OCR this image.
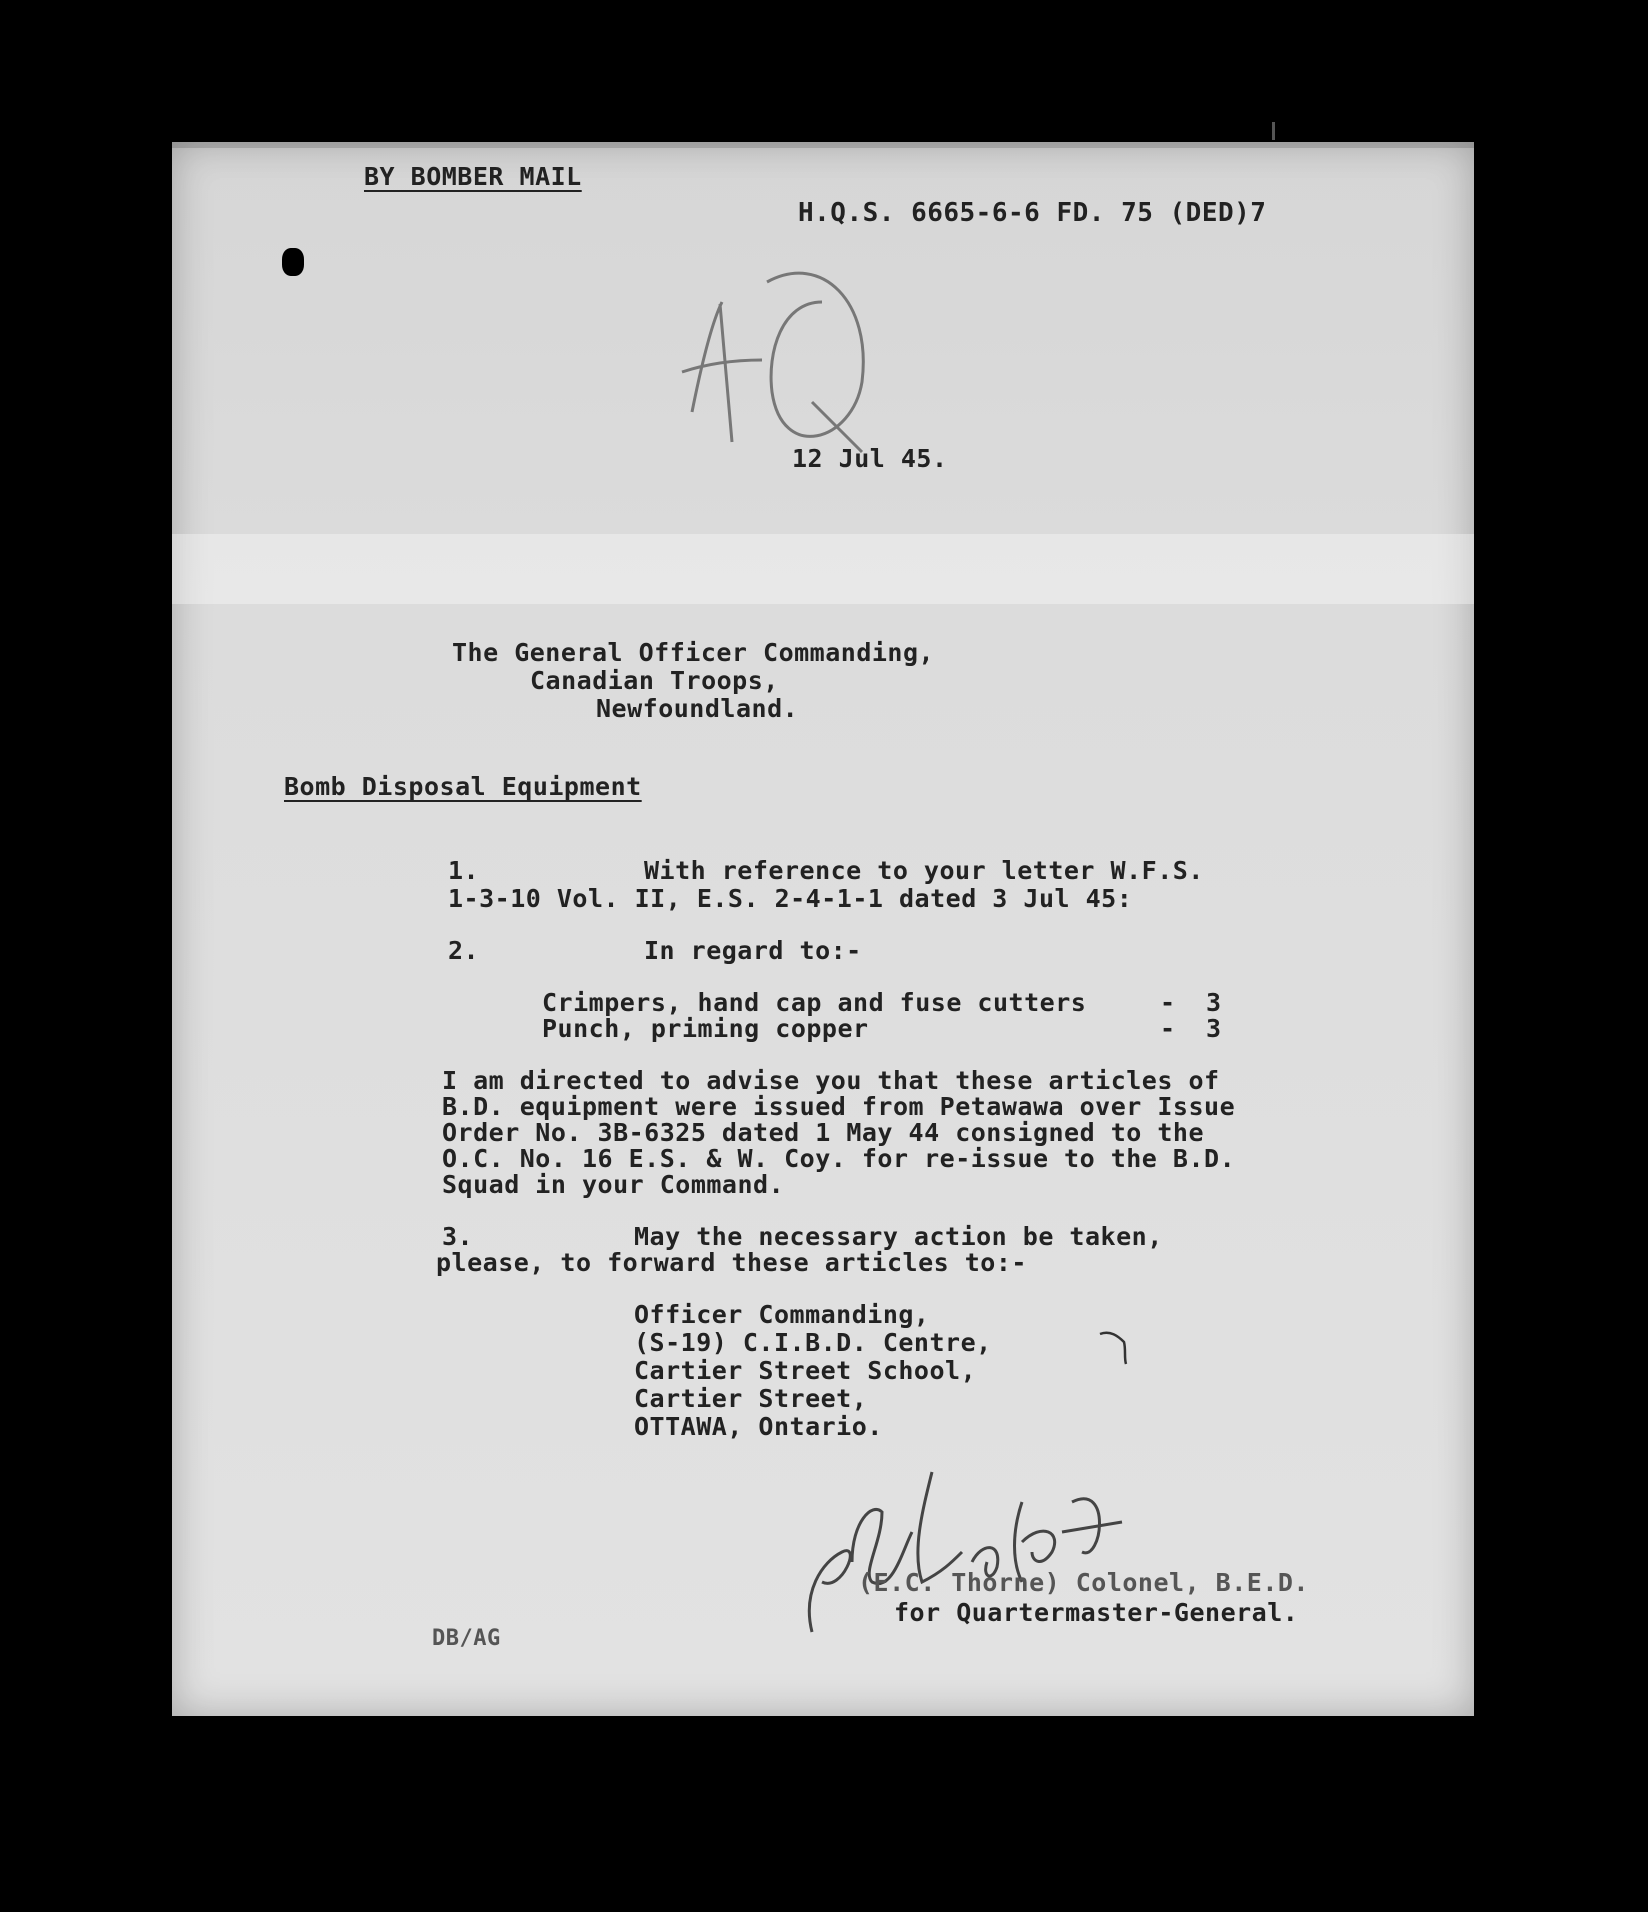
BY BOMBER MAIL
H.Q.S. 6665-6-6 FD. 75 (DED)7
12 Jul 45.
The General Officer Commanding,
Canadian Troops,
Newfoundland.
Bomb Disposal Equipment
1.	With reference to your letter W.F.S.
1-3-10 Vol. II, E.S. 2-4-1-1 dated 3 Jul 45:
2.	In regard to:-
Crimpers, hand cap and fuse cutters	- 3
Punch, priming copper	- 3
I am directed to advise you that these articles of
B.D. equipment were issued from Petawawa over Issue
Order No. 3B-6325 dated 1 May 44 consigned to the
O.C. No. 16 E.S. & W. Coy. for re-issue to the B.D.
Squad in your Command.
3.	May the necessary action be taken,
please, to forward these articles to:-
Officer Commanding,
(S-19) C.I.B.D. Centre,
Cartier Street School,
Cartier Street,
OTTAWA, Ontario.
(E.C. Thorne) Colonel, B.E.D.
for Quartermaster-General.
DB/AG
